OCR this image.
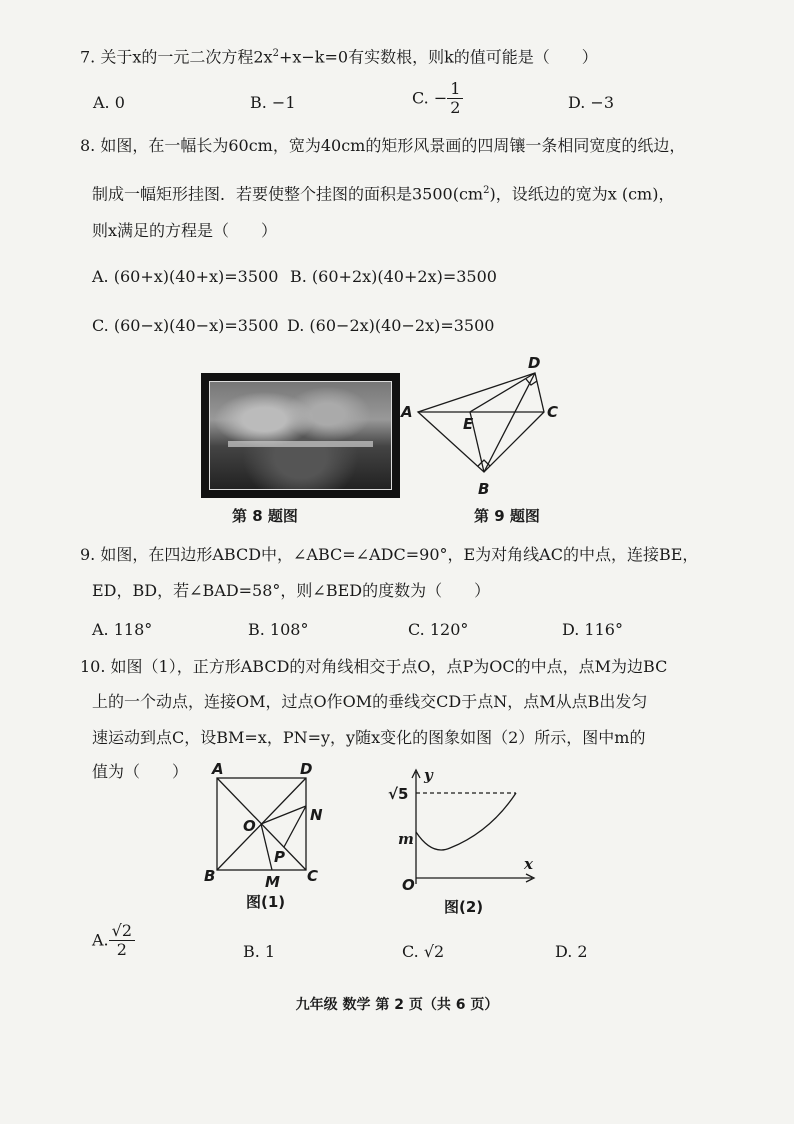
7. 关于x的一元二次方程$2x^2+x-k=0$有实数根，则k的值可能是（　　）
A. 0	B. −1	C. − $\frac{1}{2}$	D. −3
8. 如图，在一幅长为60cm，宽为40cm的矩形风景画的四周镶一条相同宽度的纸边，
制成一幅矩形挂图．若要使整个挂图的面积是$3500(cm^2)$，设纸边的宽为x (cm)，
则x满足的方程是（　　）
A. (60+x)(40+x)=3500 B. (60+2x)(40+2x)=3500
C. (60−x)(40−x)=3500 D. (60−2x)(40−2x)=3500
第 8 题图
A
D
C
E
B
第 9 题图
9. 如图，在四边形ABCD中，∠ABC=∠ADC=90°，E为对角线AC的中点，连接BE，
ED，BD，若∠BAD=58°，则∠BED的度数为（　　）
A. 118°	B. 108°	C. 120°	D. 116°
10. 如图（1），正方形ABCD的对角线相交于点O，点P为OC的中点，点M为边BC
上的一个动点，连接OM，过点O作OM的垂线交CD于点N，点M从点B出发匀
速运动到点C，设BM=x，PN=y，y随x变化的图象如图（2）所示，图中m的
值为（　　） A	D
O
N
P
B	M C
图(1)
y
x
O
m
√5
图(2)
A. $\frac{√2}{2}$	B. 1	C. √2	D. 2
九年级 数学 第 2 页（共 6 页）
